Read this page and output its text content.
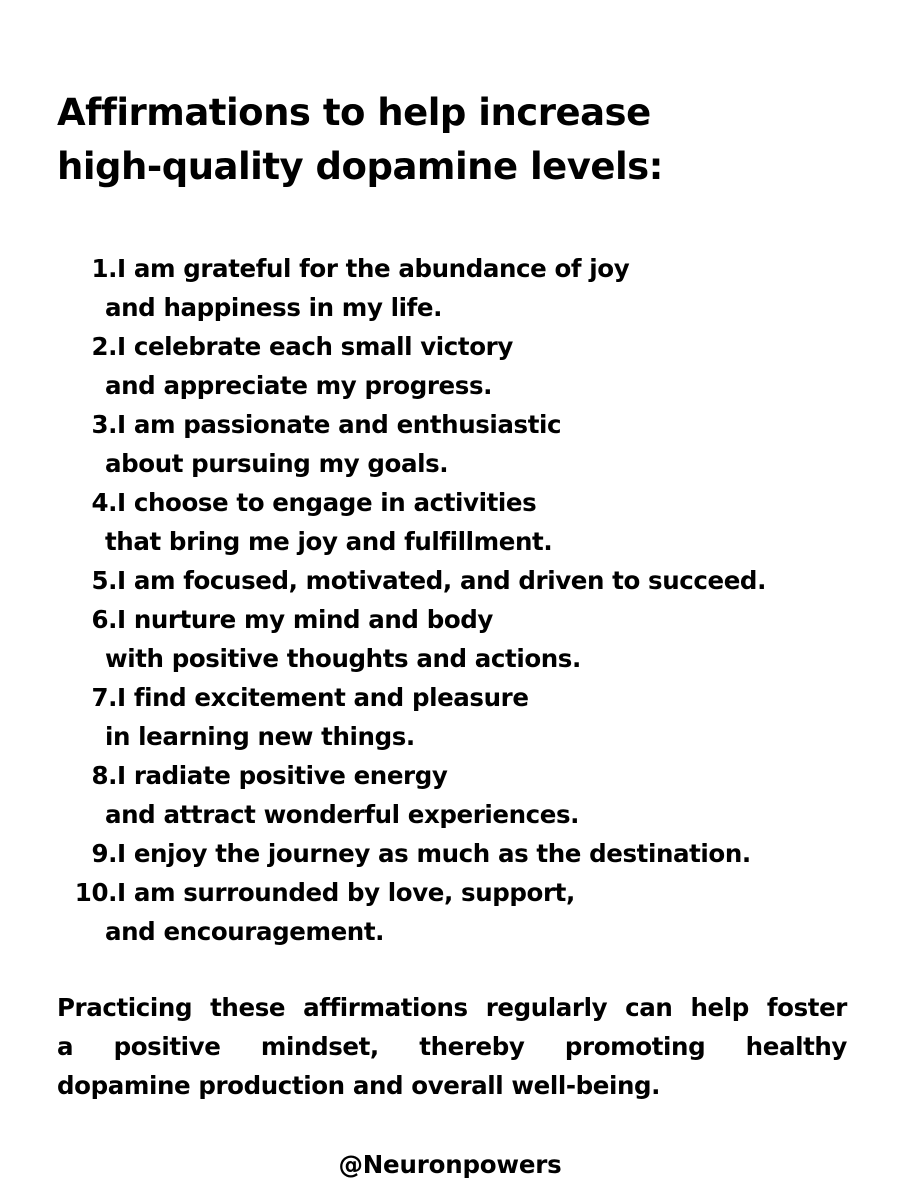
Affirmations to help increase
high-quality dopamine levels:
1. I am grateful for the abundance of joy
and happiness in my life.
2. I celebrate each small victory
and appreciate my progress.
3. I am passionate and enthusiastic
about pursuing my goals.
4. I choose to engage in activities
that bring me joy and fulfillment.
5. I am focused, motivated, and driven to succeed.
6. I nurture my mind and body
with positive thoughts and actions.
7. I find excitement and pleasure
in learning new things.
8. I radiate positive energy
and attract wonderful experiences.
9. I enjoy the journey as much as the destination.
10. I am surrounded by love, support,
and encouragement.

Practicing these affirmations regularly can help foster
a positive mindset, thereby promoting healthy
dopamine production and overall well-being.

@Neuronpowers
